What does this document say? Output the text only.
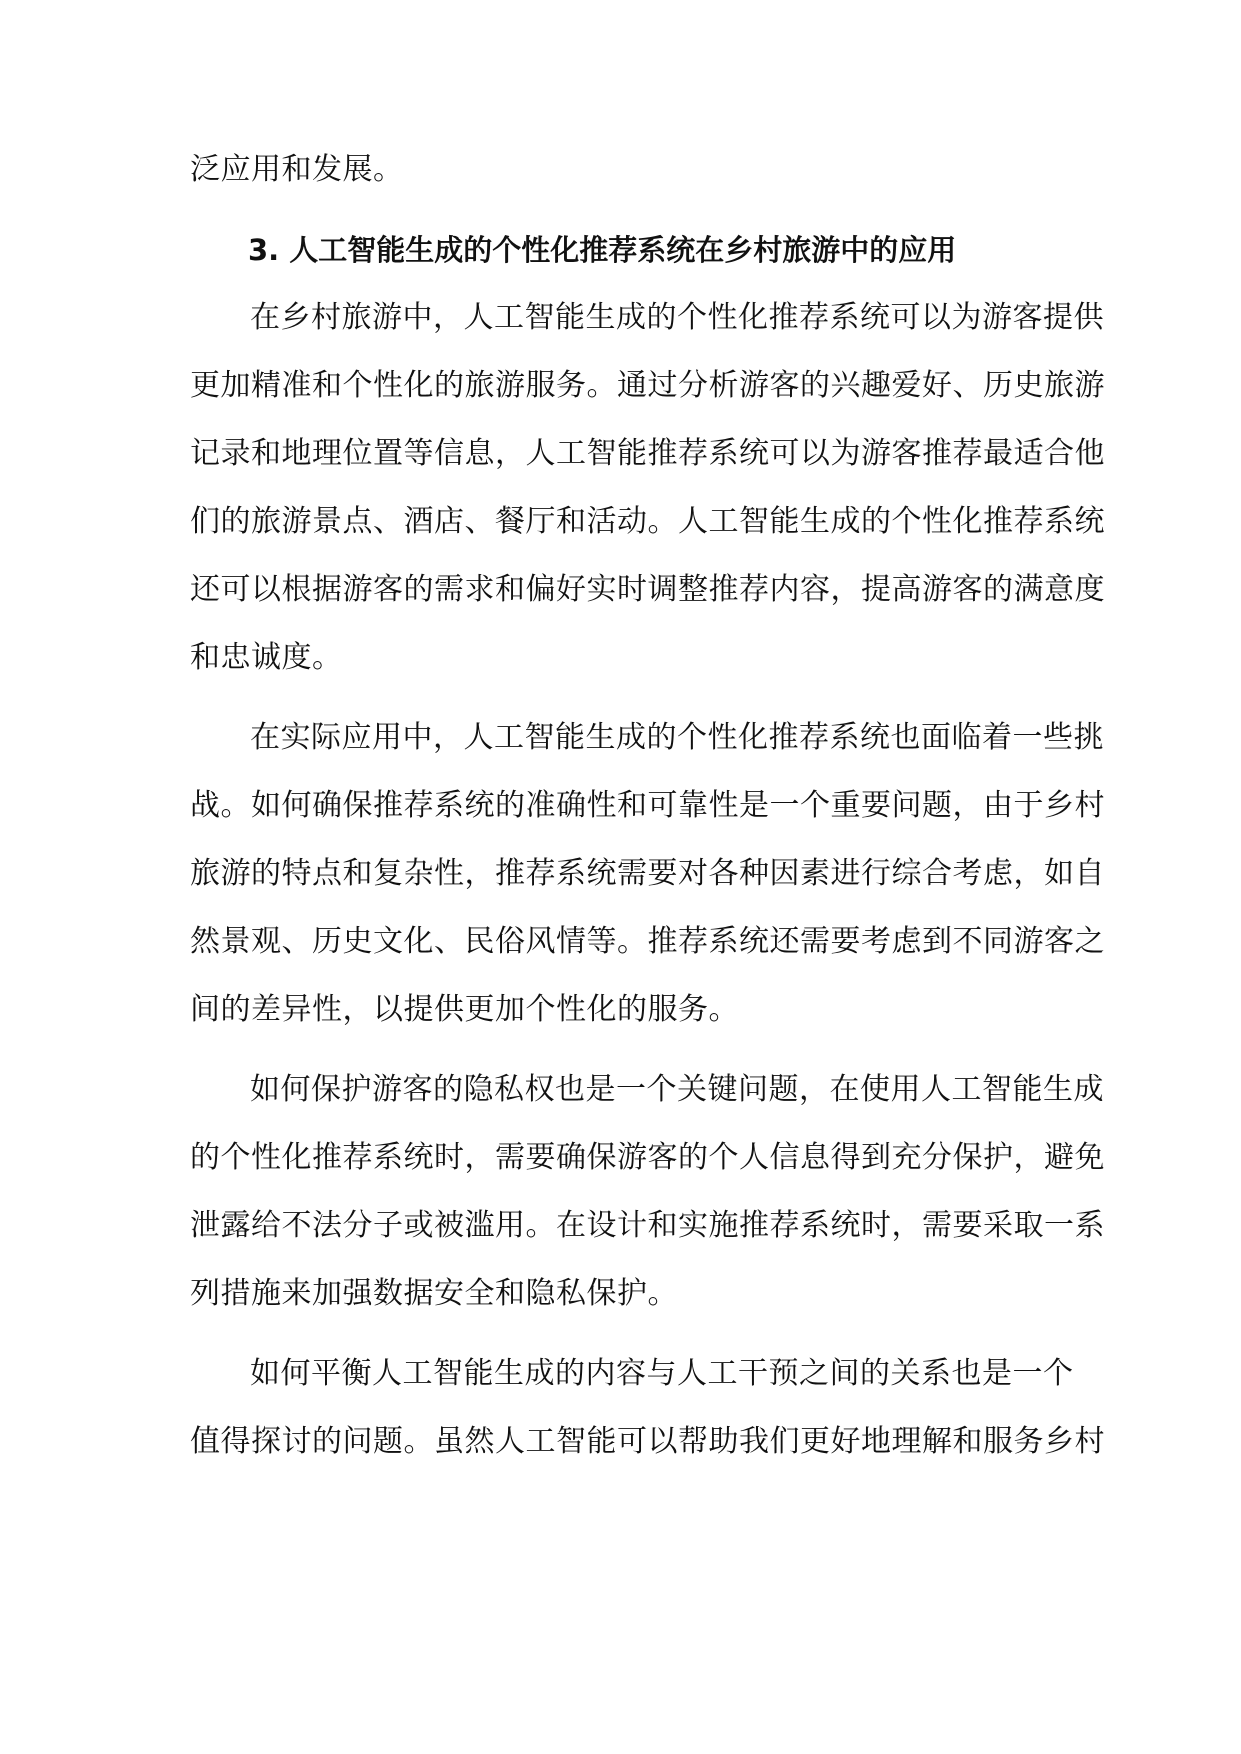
泛应用和发展。
3. 人工智能生成的个性化推荐系统在乡村旅游中的应用
在乡村旅游中，人工智能生成的个性化推荐系统可以为游客提供
更加精准和个性化的旅游服务。通过分析游客的兴趣爱好、历史旅游
记录和地理位置等信息，人工智能推荐系统可以为游客推荐最适合他
们的旅游景点、酒店、餐厅和活动。人工智能生成的个性化推荐系统
还可以根据游客的需求和偏好实时调整推荐内容，提高游客的满意度
和忠诚度。
在实际应用中，人工智能生成的个性化推荐系统也面临着一些挑
战。如何确保推荐系统的准确性和可靠性是一个重要问题，由于乡村
旅游的特点和复杂性，推荐系统需要对各种因素进行综合考虑，如自
然景观、历史文化、民俗风情等。推荐系统还需要考虑到不同游客之
间的差异性，以提供更加个性化的服务。
如何保护游客的隐私权也是一个关键问题，在使用人工智能生成
的个性化推荐系统时，需要确保游客的个人信息得到充分保护，避免
泄露给不法分子或被滥用。在设计和实施推荐系统时，需要采取一系
列措施来加强数据安全和隐私保护。
如何平衡人工智能生成的内容与人工干预之间的关系也是一个
值得探讨的问题。虽然人工智能可以帮助我们更好地理解和服务乡村
